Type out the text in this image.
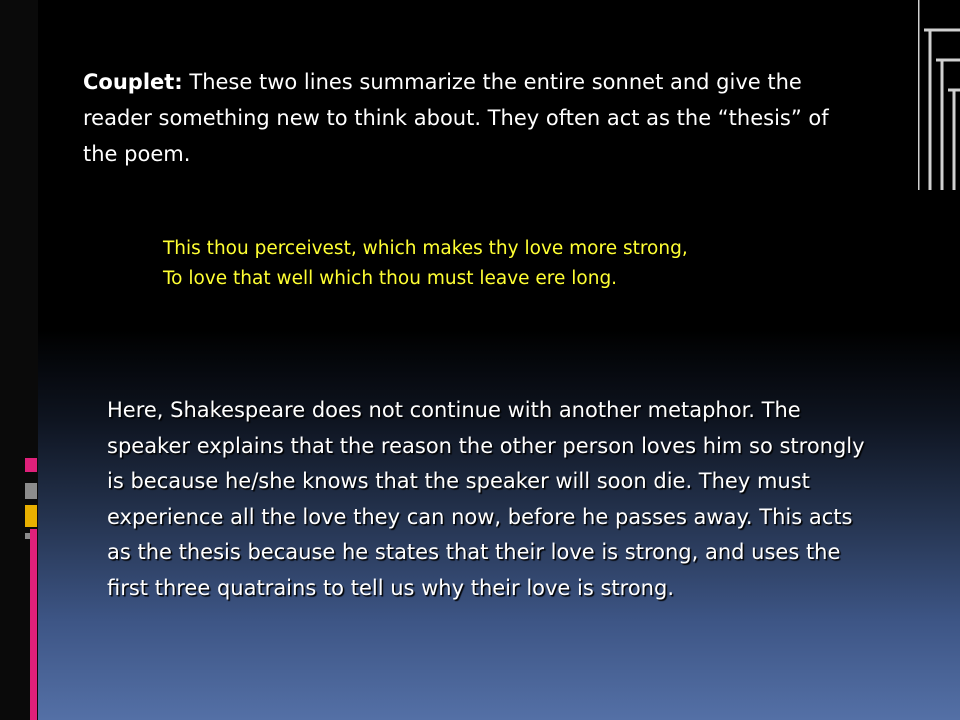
Couplet: These two lines summarize the entire sonnet and give the reader something new to think about. They often act as the “thesis” of the poem.

This thou perceivest, which makes thy love more strong,
To love that well which thou must leave ere long.

Here, Shakespeare does not continue with another metaphor. The speaker explains that the reason the other person loves him so strongly is because he/she knows that the speaker will soon die. They must experience all the love they can now, before he passes away. This acts as the thesis because he states that their love is strong, and uses the first three quatrains to tell us why their love is strong.
